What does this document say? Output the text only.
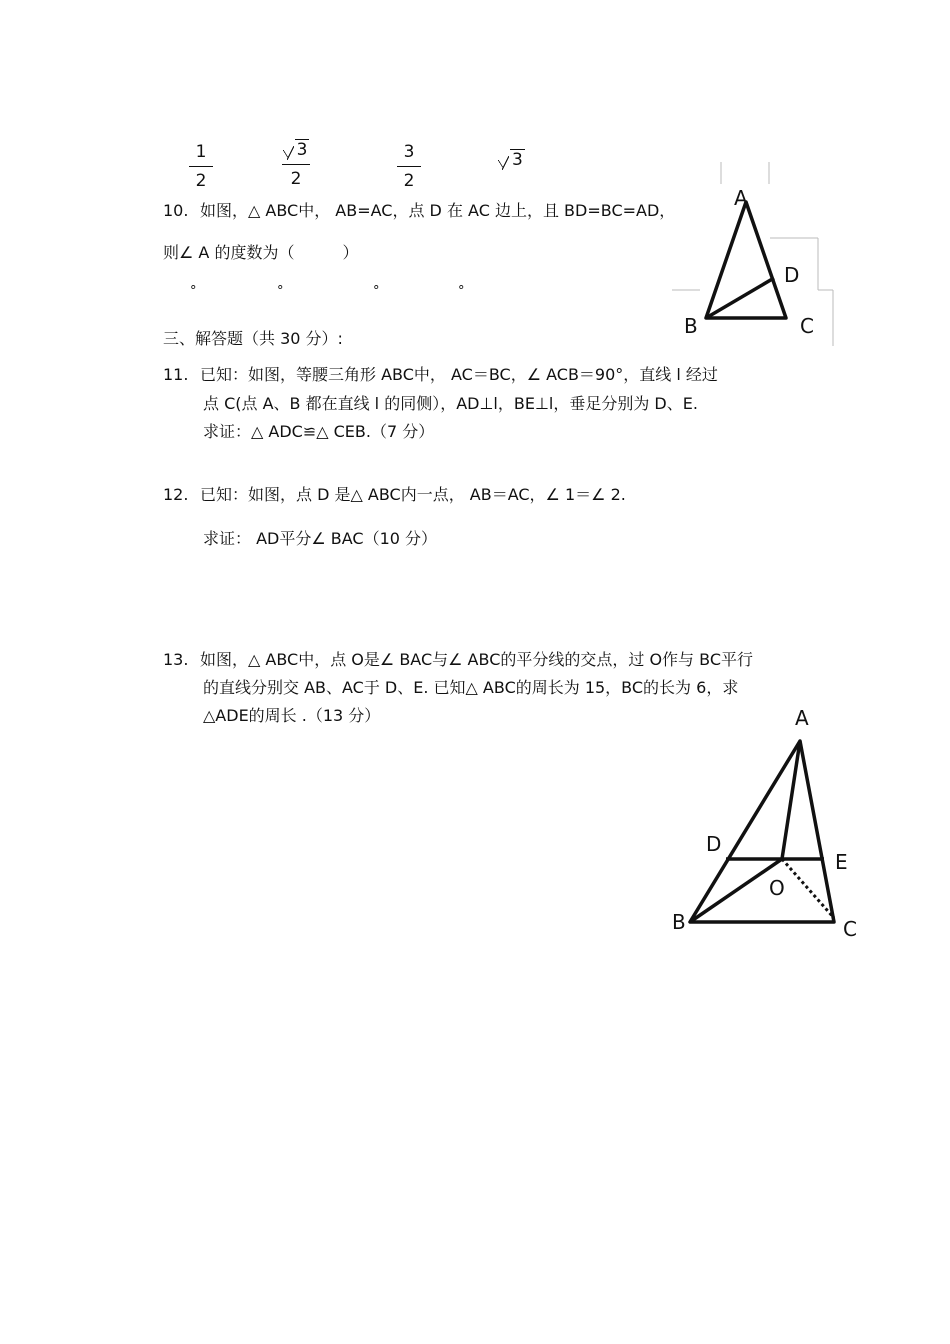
1
2
3
2
3
2
3
10. 如图，△ ABC中， AB=AC，点 D 在 AC 边上，且 BD=BC=AD，
则∠ A 的度数为（　　　）
°	°	°	°
A
D
B	C
三、解答题（共 30 分）:
11. 已知：如图，等腰三角形 ABC中， AC＝BC，∠ ACB＝90°，直线 l 经过
点 C(点 A、B 都在直线 l 的同侧），AD⊥l，BE⊥l，垂足分别为 D、E.
求证：△ ADC≌△ CEB.（7 分）
12. 已知：如图，点 D 是△ ABC内一点， AB＝AC，∠ 1＝∠ 2.
求证： AD平分∠ BAC（10 分）
13. 如图，△ ABC中，点 O是∠ BAC与∠ ABC的平分线的交点，过 O作与 BC平行
的直线分别交 AB、AC于 D、E. 已知△ ABC的周长为 15，BC的长为 6，求
△ADE的周长 .（13 分）	A
D
E
O
B	C
